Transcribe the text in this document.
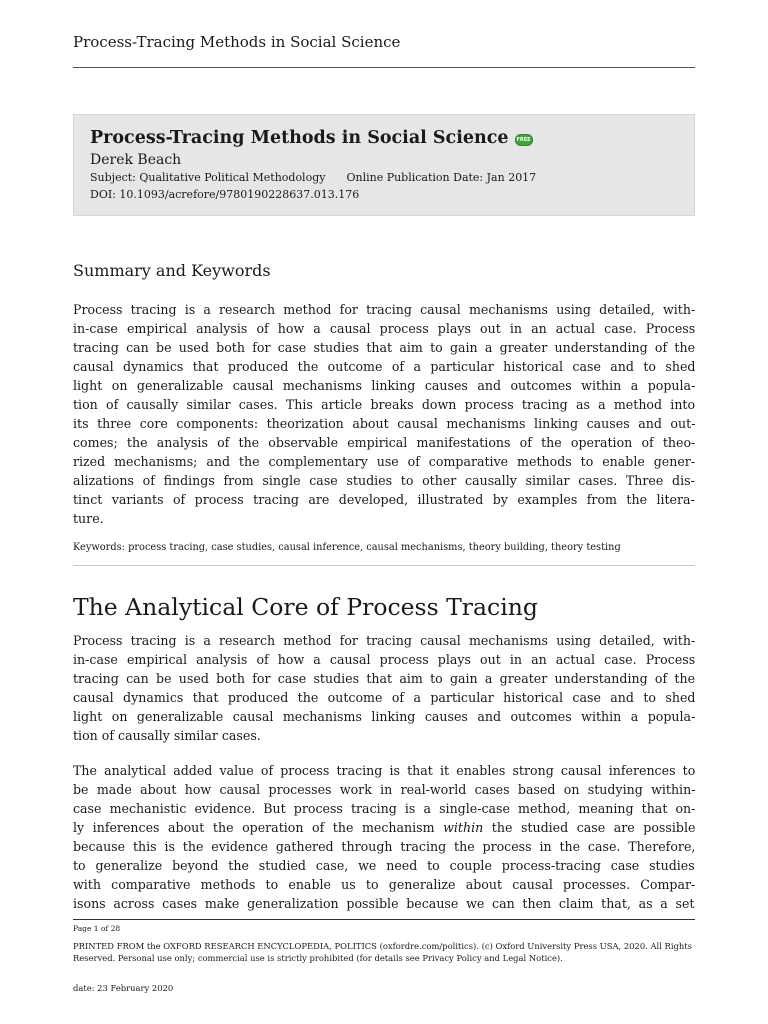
Process-Tracing Methods in Social Science
Process-Tracing Methods in Social Science FREE
Derek Beach
Subject: Qualitative Political Methodology Online Publication Date: Jan 2017
DOI: 10.1093/acrefore/9780190228637.013.176
Summary and Keywords

Process tracing is a research method for tracing causal mechanisms using detailed, with-
in-case empirical analysis of how a causal process plays out in an actual case. Process
tracing can be used both for case studies that aim to gain a greater understanding of the
causal dynamics that produced the outcome of a particular historical case and to shed
light on generalizable causal mechanisms linking causes and outcomes within a popula-
tion of causally similar cases. This article breaks down process tracing as a method into
its three core components: theorization about causal mechanisms linking causes and out-
comes; the analysis of the observable empirical manifestations of the operation of theo-
rized mechanisms; and the complementary use of comparative methods to enable gener-
alizations of findings from single case studies to other causally similar cases. Three dis-
tinct variants of process tracing are developed, illustrated by examples from the litera-
ture.

Keywords: process tracing, case studies, causal inference, causal mechanisms, theory building, theory testing
The Analytical Core of Process Tracing

Process tracing is a research method for tracing causal mechanisms using detailed, with-
in-case empirical analysis of how a causal process plays out in an actual case. Process
tracing can be used both for case studies that aim to gain a greater understanding of the
causal dynamics that produced the outcome of a particular historical case and to shed
light on generalizable causal mechanisms linking causes and outcomes within a popula-
tion of causally similar cases.

The analytical added value of process tracing is that it enables strong causal inferences to
be made about how causal processes work in real-world cases based on studying within-
case mechanistic evidence. But process tracing is a single-case method, meaning that on-
ly inferences about the operation of the mechanism within the studied case are possible
because this is the evidence gathered through tracing the process in the case. Therefore,
to generalize beyond the studied case, we need to couple process-tracing case studies
with comparative methods to enable us to generalize about causal processes. Compar-
isons across cases make generalization possible because we can then claim that, as a set

Page 1 of 28
PRINTED FROM the OXFORD RESEARCH ENCYCLOPEDIA, POLITICS (oxfordre.com/politics). (c) Oxford University Press USA, 2020. All Rights Reserved. Personal use only; commercial use is strictly prohibited (for details see Privacy Policy and Legal Notice).
date: 23 February 2020
